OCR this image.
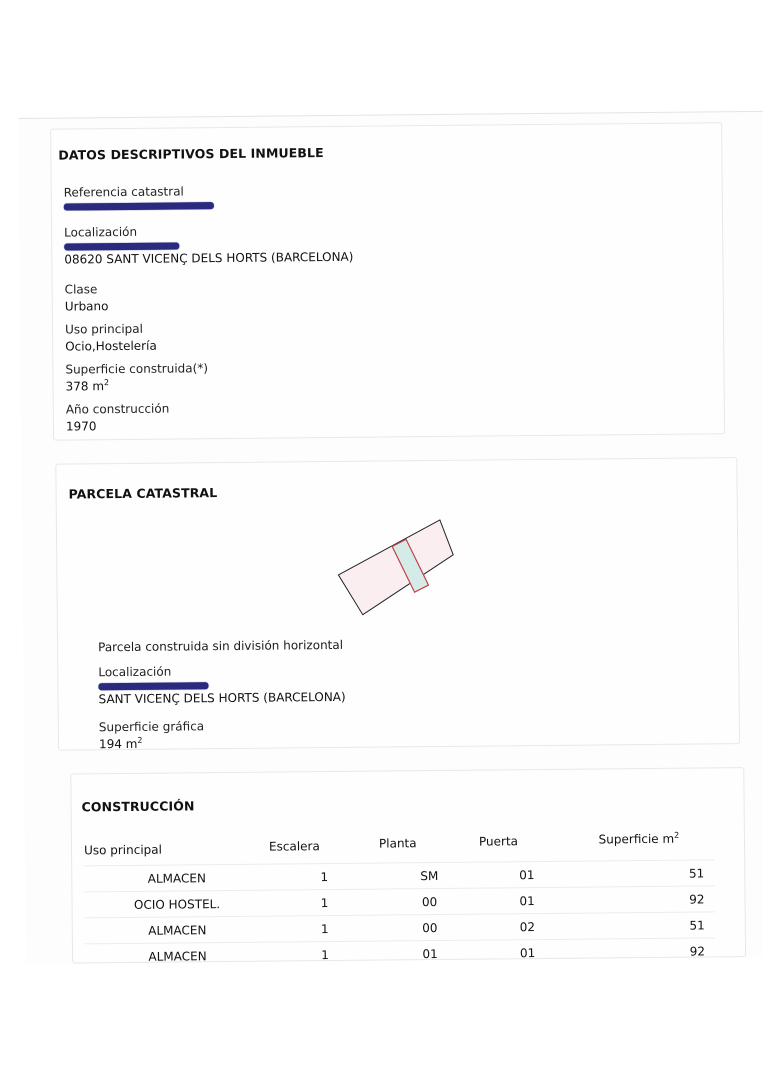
DATOS DESCRIPTIVOS DEL INMUEBLE
Referencia catastral
Localización
08620 SANT VICENÇ DELS HORTS (BARCELONA)
Clase
Urbano
Uso principal
Ocio,Hostelería
Superficie construida(*)
378 $m^2$
Año construcción
1970
PARCELA CATASTRAL
Parcela construida sin división horizontal
Localización
SANT VICENÇ DELS HORTS (BARCELONA)
Superficie gráfica
194 $m^2$
CONSTRUCCIÓN
Uso principal	Escalera	Planta	Puerta	Superficie $m^2$
ALMACEN	1	SM	01	51
OCIO HOSTEL.	1	00	01	92
ALMACEN	1	00	02	51
ALMACEN	1	01	01	92
